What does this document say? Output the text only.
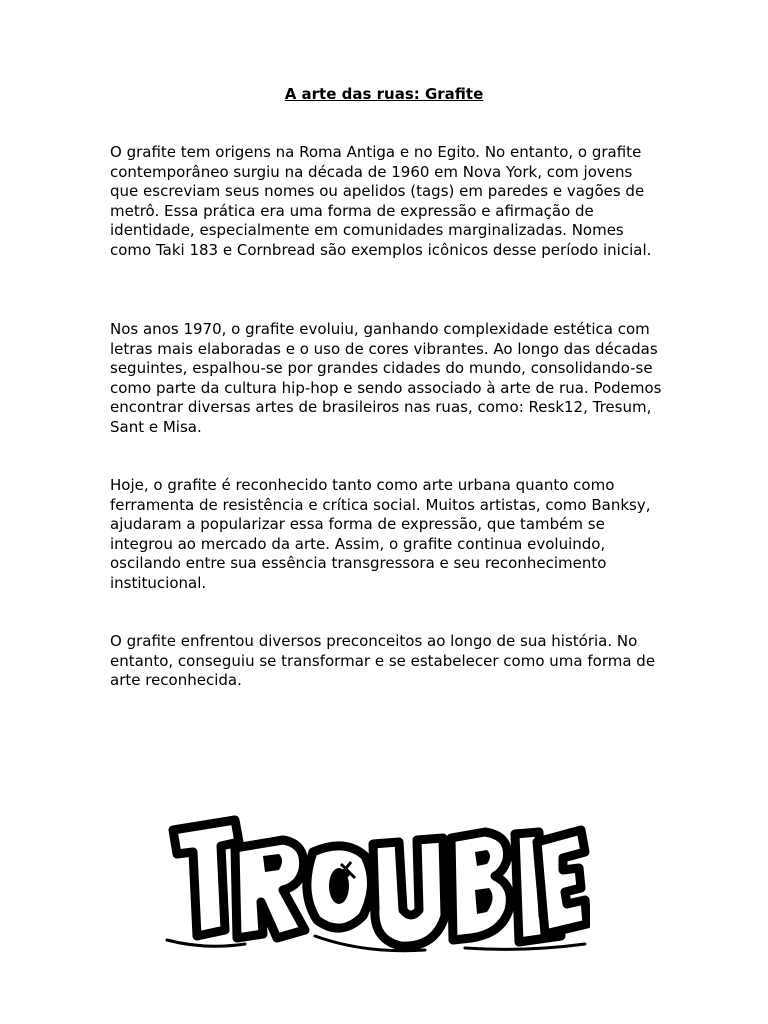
A arte das ruas: Grafite

O grafite tem origens na Roma Antiga e no Egito. No entanto, o grafite contemporâneo surgiu na década de 1960 em Nova York, com jovens que escreviam seus nomes ou apelidos (tags) em paredes e vagões de metrô. Essa prática era uma forma de expressão e afirmação de identidade, especialmente em comunidades marginalizadas. Nomes como Taki 183 e Cornbread são exemplos icônicos desse período inicial.

Nos anos 1970, o grafite evoluiu, ganhando complexidade estética com letras mais elaboradas e o uso de cores vibrantes. Ao longo das décadas seguintes, espalhou-se por grandes cidades do mundo, consolidando-se como parte da cultura hip-hop e sendo associado à arte de rua. Podemos encontrar diversas artes de brasileiros nas ruas, como: Resk12, Tresum, Sant e Misa.

Hoje, o grafite é reconhecido tanto como arte urbana quanto como ferramenta de resistência e crítica social. Muitos artistas, como Banksy, ajudaram a popularizar essa forma de expressão, que também se integrou ao mercado da arte. Assim, o grafite continua evoluindo, oscilando entre sua essência transgressora e seu reconhecimento institucional.

O grafite enfrentou diversos preconceitos ao longo de sua história. No entanto, conseguiu se transformar e se estabelecer como uma forma de arte reconhecida.
